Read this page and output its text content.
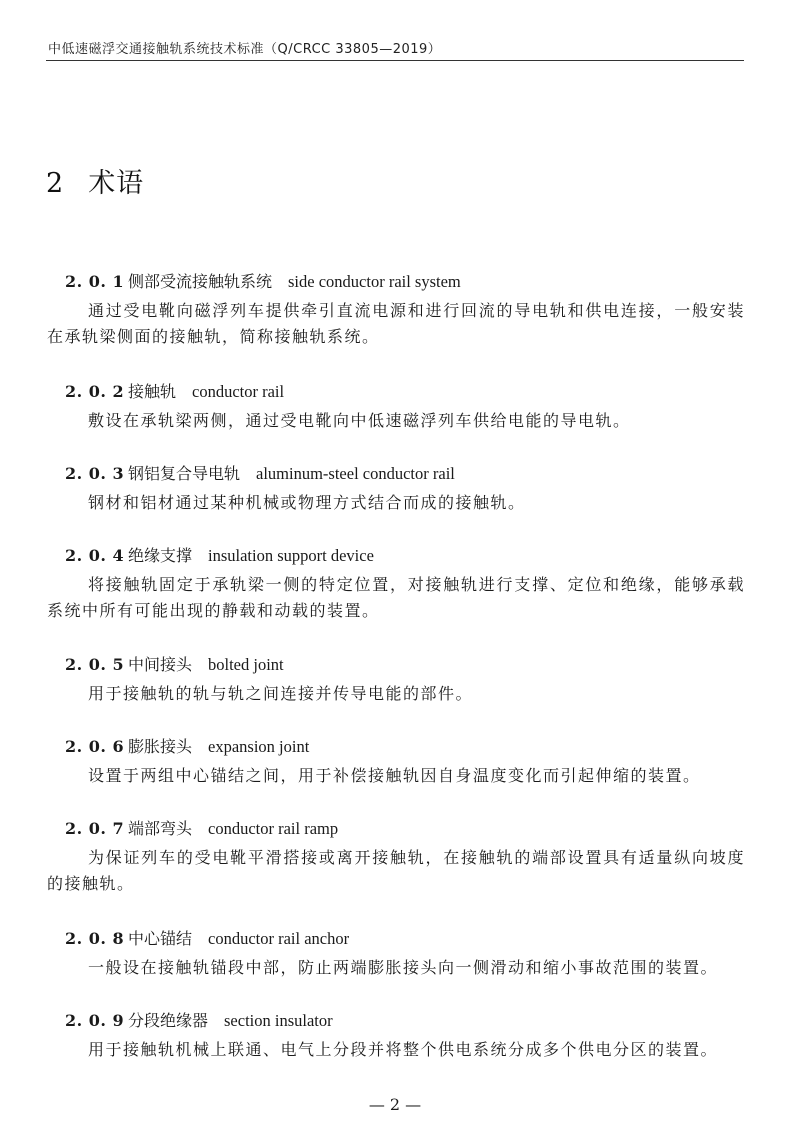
中低速磁浮交通接触轨系统技术标准（Q/CRCC 33805—2019）
2 术语
2. 0. 1 侧部受流接触轨系统 side conductor rail system

通过受电靴向磁浮列车提供牵引直流电源和进行回流的导电轨和供电连接，一般安装在承轨梁侧面的接触轨，简称接触轨系统。

2. 0. 2 接触轨 conductor rail

敷设在承轨梁两侧，通过受电靴向中低速磁浮列车供给电能的导电轨。

2. 0. 3 钢铝复合导电轨 aluminum-steel conductor rail

钢材和铝材通过某种机械或物理方式结合而成的接触轨。

2. 0. 4 绝缘支撑 insulation support device

将接触轨固定于承轨梁一侧的特定位置，对接触轨进行支撑、定位和绝缘，能够承载系统中所有可能出现的静载和动载的装置。

2. 0. 5 中间接头 bolted joint

用于接触轨的轨与轨之间连接并传导电能的部件。

2. 0. 6 膨胀接头 expansion joint

设置于两组中心锚结之间，用于补偿接触轨因自身温度变化而引起伸缩的装置。

2. 0. 7 端部弯头 conductor rail ramp

为保证列车的受电靴平滑搭接或离开接触轨，在接触轨的端部设置具有适量纵向坡度的接触轨。

2. 0. 8 中心锚结 conductor rail anchor

一般设在接触轨锚段中部，防止两端膨胀接头向一侧滑动和缩小事故范围的装置。

2. 0. 9 分段绝缘器 section insulator

用于接触轨机械上联通、电气上分段并将整个供电系统分成多个供电分区的装置。

— 2 —
